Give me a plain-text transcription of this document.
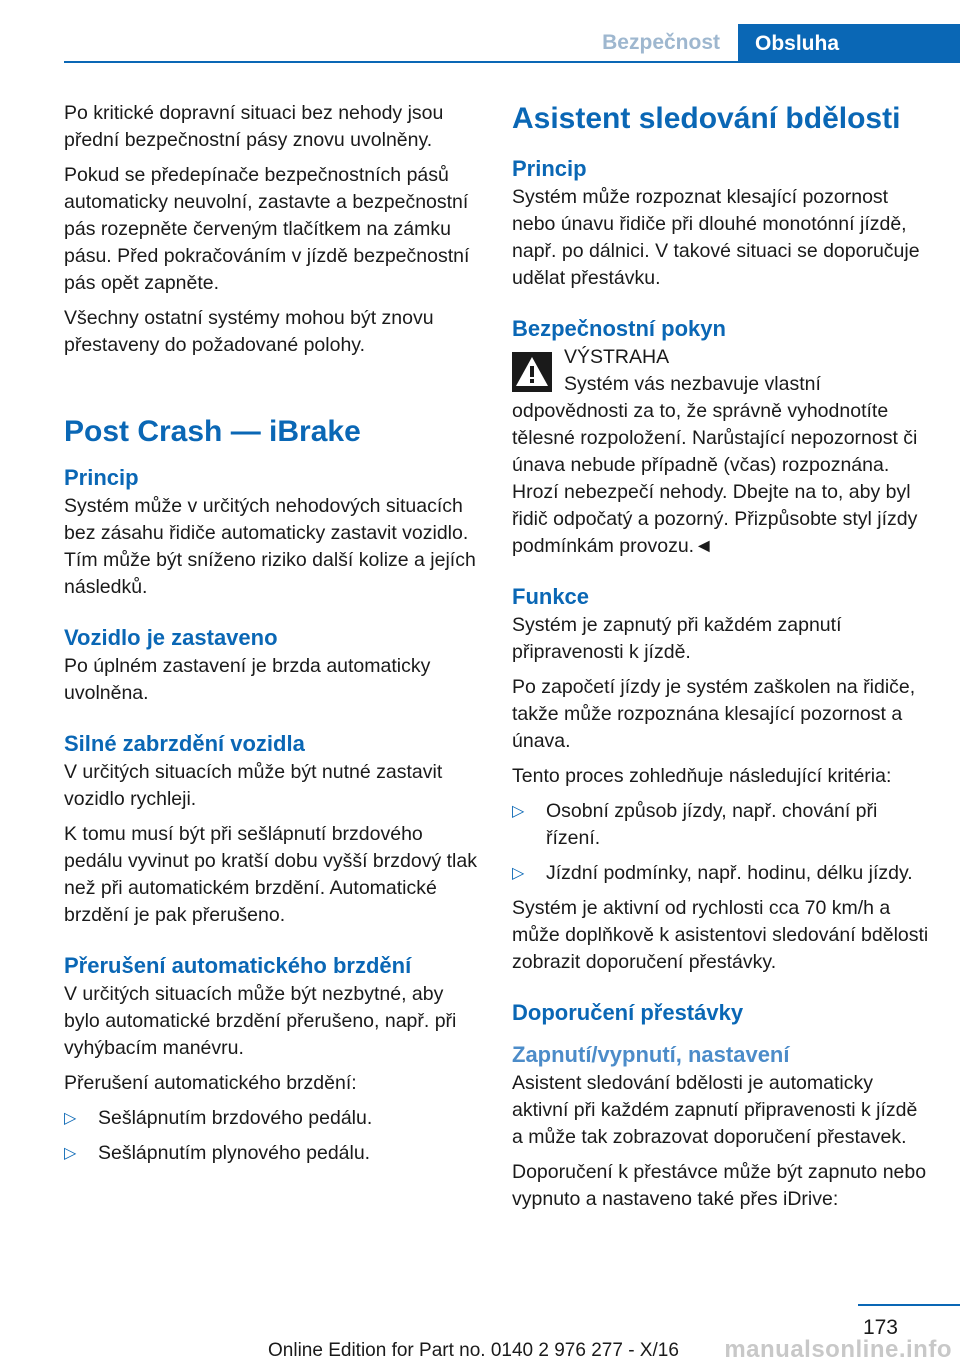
Bezpečnost	Obsluha

Po kritické dopravní situaci bez nehody jsou přední bezpečnostní pásy znovu uvolněny.

Pokud se předepínače bezpečnostních pásů automaticky neuvolní, zastavte a bezpečnostní pás rozepněte červeným tlačítkem na zámku pásu. Před pokračováním v jízdě bezpečnostní pás opět zapněte.

Všechny ostatní systémy mohou být znovu přestaveny do požadované polohy.

Post Crash — iBrake
Princip

Systém může v určitých nehodových situacích bez zásahu řidiče automaticky zastavit vozidlo. Tím může být sníženo riziko další kolize a jejích následků.

Vozidlo je zastaveno

Po úplném zastavení je brzda automaticky uvolněna.

Silné zabrzdění vozidla

V určitých situacích může být nutné zastavit vozidlo rychleji.

K tomu musí být při sešlápnutí brzdového pedálu vyvinut po kratší dobu vyšší brzdový tlak než při automatickém brzdění. Automatické brzdění je pak přerušeno.

Přerušení automatického brzdění

V určitých situacích může být nezbytné, aby bylo automatické brzdění přerušeno, např. při vyhýbacím manévru.

Přerušení automatického brzdění:

▷ Sešlápnutím brzdového pedálu.
▷ Sešlápnutím plynového pedálu.
Asistent sledování bdělosti
Princip

Systém může rozpoznat klesající pozornost nebo únavu řidiče při dlouhé monotónní jízdě, např. po dálnici. V takové situaci se doporučuje udělat přestávku.

Bezpečnostní pokyn
VÝSTRAHA

Systém vás nezbavuje vlastní odpovědnosti za to, že správně vyhodnotíte tělesné rozpoložení. Narůstající nepozornost či únava nebude případně (včas) rozpoznána. Hrozí nebezpečí nehody. Dbejte na to, aby byl řidič odpočatý a pozorný. Přizpůsobte styl jízdy podmínkám provozu.◄

Funkce

Systém je zapnutý při každém zapnutí připravenosti k jízdě.

Po započetí jízdy je systém zaškolen na řidiče, takže může rozpoznána klesající pozornost a únava.

Tento proces zohledňuje následující kritéria:

▷ Osobní způsob jízdy, např. chování při řízení.
▷ Jízdní podmínky, např. hodinu, délku jízdy.

Systém je aktivní od rychlosti cca 70 km/h a může doplňkově k asistentovi sledování bdělosti zobrazit doporučení přestávky.

Doporučení přestávky
Zapnutí/vypnutí, nastavení

Asistent sledování bdělosti je automaticky aktivní při každém zapnutí připravenosti k jízdě a může tak zobrazovat doporučení přestavek.

Doporučení k přestávce může být zapnuto nebo vypnuto a nastaveno také přes iDrive:

173
Online Edition for Part no. 0140 2 976 277 - X/16 manualsonline.info
